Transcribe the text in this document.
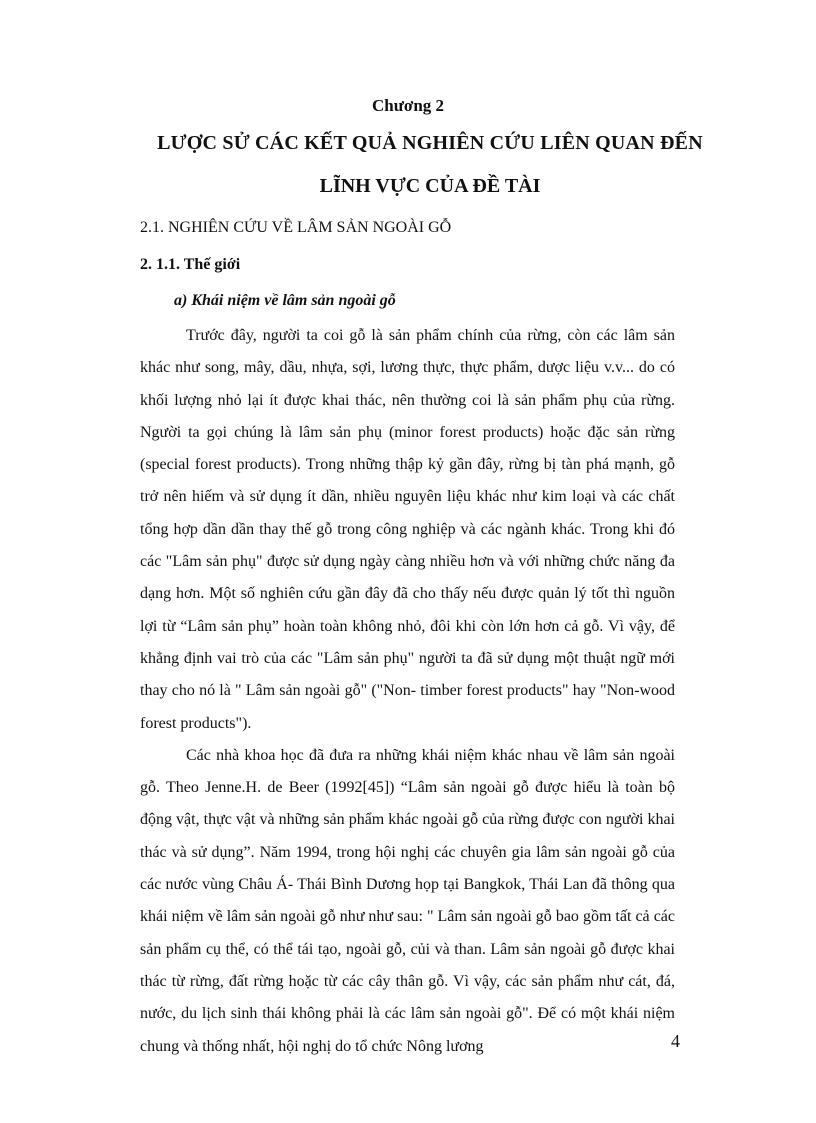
Chương 2
LƯỢC SỬ CÁC KẾT QUẢ NGHIÊN CỨU LIÊN QUAN ĐẾN
LĨNH VỰC CỦA ĐỀ TÀI
2.1. NGHIÊN CỨU VỀ LÂM SẢN NGOÀI GỖ
2. 1.1. Thế giới
a) Khái niệm về lâm sản ngoài gỗ

Trước đây, người ta coi gỗ là sản phẩm chính của rừng, còn các lâm sản khác như song, mây, dầu, nhựa, sợi, lương thực, thực phẩm, dược liệu v.v... do có khối lượng nhỏ lại ít được khai thác, nên thường coi là sản phẩm phụ của rừng. Người ta gọi chúng là lâm sản phụ (minor forest products) hoặc đặc sản rừng (special forest products). Trong những thập kỷ gần đây, rừng bị tàn phá mạnh, gỗ trở nên hiếm và sử dụng ít dần, nhiều nguyên liệu khác như kim loại và các chất tổng hợp dần dần thay thế gỗ trong công nghiệp và các ngành khác. Trong khi đó các "Lâm sản phụ" được sử dụng ngày càng nhiều hơn và với những chức năng đa dạng hơn. Một số nghiên cứu gần đây đã cho thấy nếu được quản lý tốt thì nguồn lợi từ “Lâm sản phụ” hoàn toàn không nhỏ, đôi khi còn lớn hơn cả gỗ. Vì vậy, để khẳng định vai trò của các "Lâm sản phụ" người ta đã sử dụng một thuật ngữ mới thay cho nó là " Lâm sản ngoài gỗ" ("Non- timber forest products" hay "Non-wood forest products").

Các nhà khoa học đã đưa ra những khái niệm khác nhau về lâm sản ngoài gỗ. Theo Jenne.H. de Beer (1992[45]) “Lâm sản ngoài gỗ được hiểu là toàn bộ động vật, thực vật và những sản phẩm khác ngoài gỗ của rừng được con người khai thác và sử dụng”. Năm 1994, trong hội nghị các chuyên gia lâm sản ngoài gỗ của các nước vùng Châu Á- Thái Bình Dương họp tại Bangkok, Thái Lan đã thông qua khái niệm về lâm sản ngoài gỗ như như sau: " Lâm sản ngoài gỗ bao gồm tất cả các sản phẩm cụ thể, có thể tái tạo, ngoài gỗ, củi và than. Lâm sản ngoài gỗ được khai thác từ rừng, đất rừng hoặc từ các cây thân gỗ. Vì vậy, các sản phẩm như cát, đá, nước, du lịch sinh thái không phải là các lâm sản ngoài gỗ". Để có một khái niệm chung và thống nhất, hội nghị do tổ chức Nông lương	4
